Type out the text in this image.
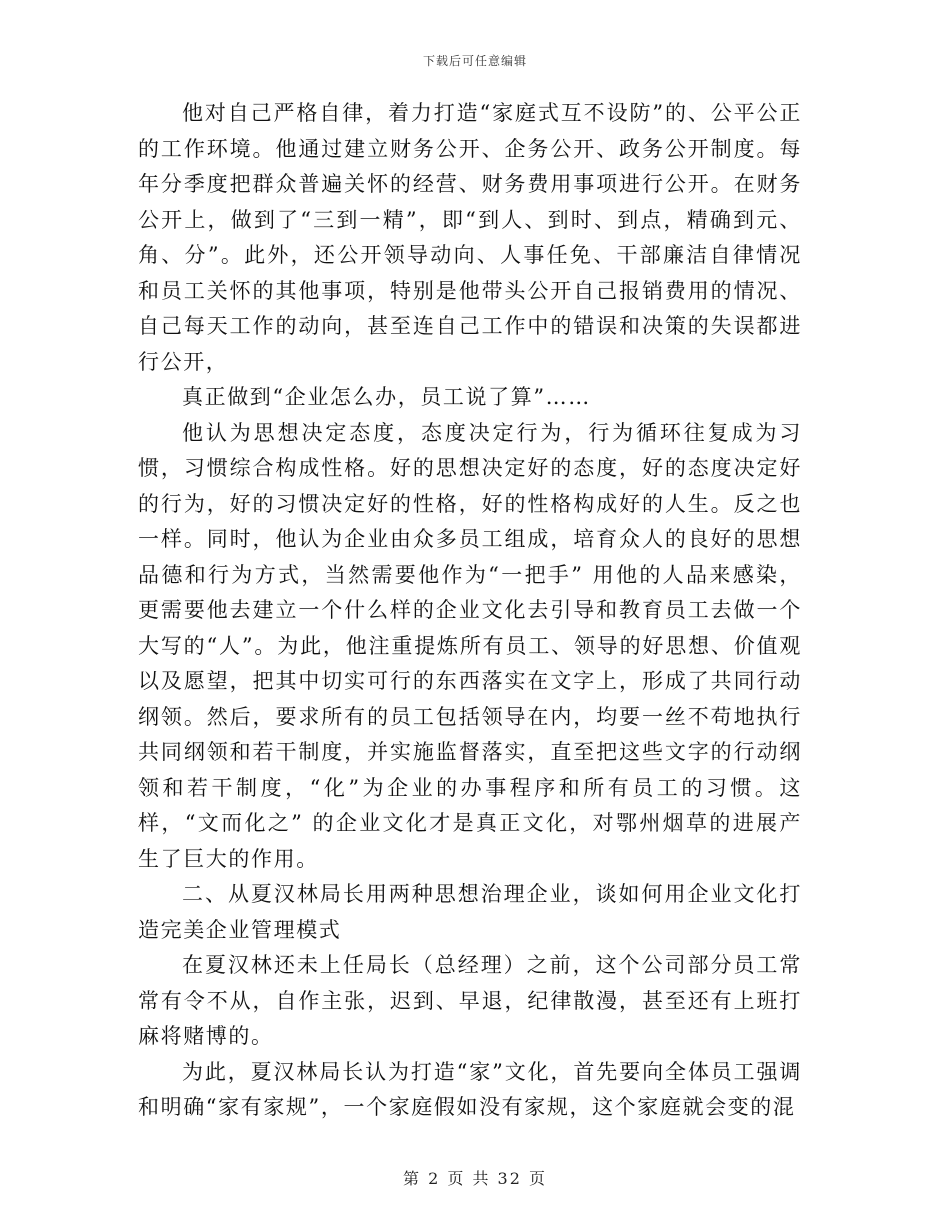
下载后可任意编辑

他对自己严格自律，着力打造“家庭式互不设防”的、公平公正的工作环境。他通过建立财务公开、企务公开、政务公开制度。每年分季度把群众普遍关怀的经营、财务费用事项进行公开。在财务公开上，做到了“三到一精”，即“到人、到时、到点，精确到元、角、分”。此外，还公开领导动向、人事任免、干部廉洁自律情况和员工关怀的其他事项，特别是他带头公开自己报销费用的情况、自己每天工作的动向，甚至连自己工作中的错误和决策的失误都进行公开，

真正做到“企业怎么办，员工说了算”……

他认为思想决定态度，态度决定行为，行为循环往复成为习惯，习惯综合构成性格。好的思想决定好的态度，好的态度决定好的行为，好的习惯决定好的性格，好的性格构成好的人生。反之也一样。同时，他认为企业由众多员工组成，培育众人的良好的思想品德和行为方式，当然需要他作为“一把手” 用他的人品来感染，更需要他去建立一个什么样的企业文化去引导和教育员工去做一个大写的“人”。为此，他注重提炼所有员工、领导的好思想、价值观以及愿望，把其中切实可行的东西落实在文字上，形成了共同行动纲领。然后，要求所有的员工包括领导在内，均要一丝不苟地执行共同纲领和若干制度，并实施监督落实，直至把这些文字的行动纲领和若干制度，“化”为企业的办事程序和所有员工的习惯。这样，“文而化之” 的企业文化才是真正文化，对鄂州烟草的进展产生了巨大的作用。

二、从夏汉林局长用两种思想治理企业，谈如何用企业文化打造完美企业管理模式

在夏汉林还未上任局长（总经理）之前，这个公司部分员工常常有令不从，自作主张，迟到、早退，纪律散漫，甚至还有上班打麻将赌博的。

为此，夏汉林局长认为打造“家”文化，首先要向全体员工强调和明确“家有家规”，一个家庭假如没有家规，这个家庭就会变的混

第 2 页 共 32 页
